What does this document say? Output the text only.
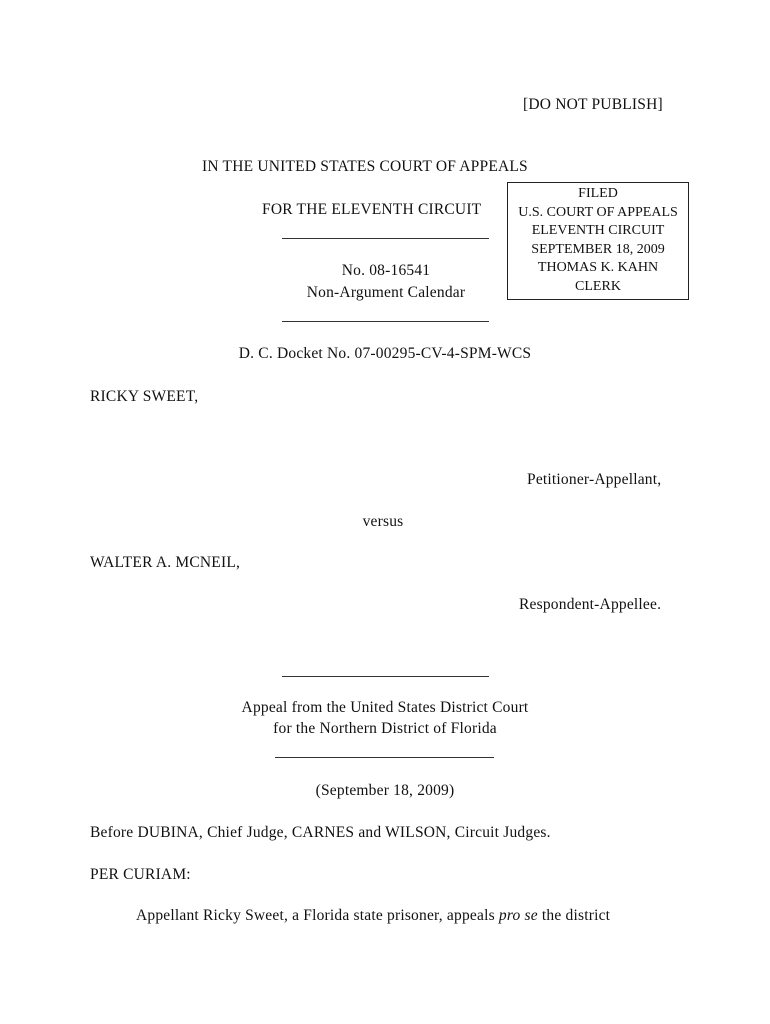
[DO NOT PUBLISH]
IN THE UNITED STATES COURT OF APPEALS
FOR THE ELEVENTH CIRCUIT
FILED
U.S. COURT OF APPEALS
ELEVENTH CIRCUIT
SEPTEMBER 18, 2009
THOMAS K. KAHN
CLERK
No. 08-16541
Non-Argument Calendar
D. C. Docket No. 07-00295-CV-4-SPM-WCS
RICKY SWEET,
Petitioner-Appellant,
versus
WALTER A. MCNEIL,
Respondent-Appellee.
Appeal from the United States District Court
for the Northern District of Florida
(September 18, 2009)
Before DUBINA, Chief Judge, CARNES and WILSON, Circuit Judges.
PER CURIAM:
Appellant Ricky Sweet, a Florida state prisoner, appeals pro se the district
